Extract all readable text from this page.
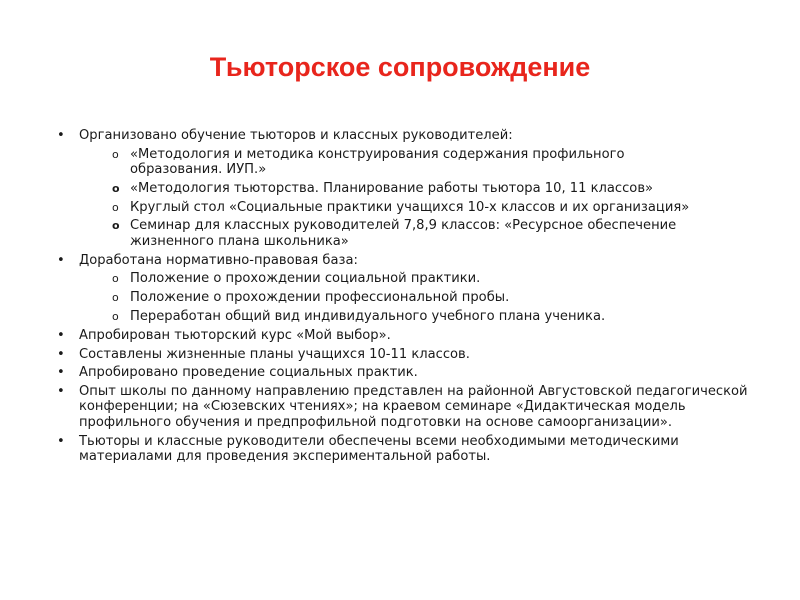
Тьюторское сопровождение
• Организовано обучение тьюторов и классных руководителей:
o «Методология и методика конструирования содержания профильного
образования. ИУП.»
o «Методология тьюторства. Планирование работы тьютора 10, 11 классов»
o Круглый стол «Социальные практики учащихся 10-х классов и их организация»
o Семинар для классных руководителей 7,8,9 классов: «Ресурсное обеспечение
жизненного плана школьника»
• Доработана нормативно-правовая база:
o Положение о прохождении социальной практики.
o Положение о прохождении профессиональной пробы.
o Переработан общий вид индивидуального учебного плана ученика.
• Апробирован тьюторский курс «Мой выбор».
• Составлены жизненные планы учащихся 10-11 классов.
• Апробировано проведение социальных практик.
• Опыт школы по данному направлению представлен на районной Августовской педагогической конференции; на «Сюзевских чтениях»; на краевом семинаре «Дидактическая модель профильного обучения и предпрофильной подготовки на основе самоорганизации».
• Тьюторы и классные руководители обеспечены всеми необходимыми методическими материалами для проведения экспериментальной работы.
